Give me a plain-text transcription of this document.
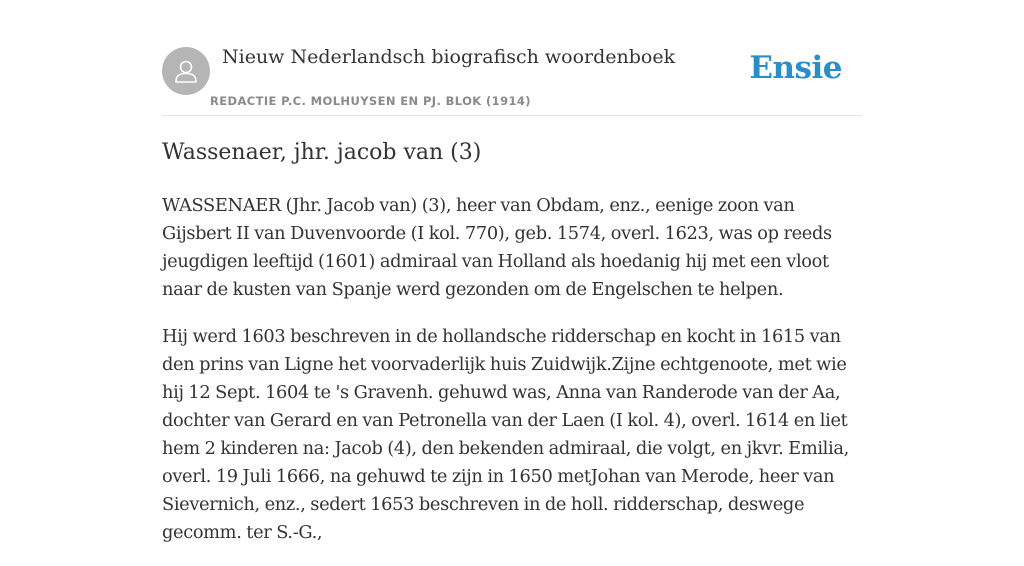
Nieuw Nederlandsch biografisch woordenboek
REDACTIE P.C. MOLHUYSEN EN PJ. BLOK (1914)
Ensie
Wassenaer, jhr. jacob van (3)

WASSENAER (Jhr. Jacob van) (3), heer van Obdam, enz., eenige zoon van Gijsbert II van Duvenvoorde (I kol. 770), geb. 1574, overl. 1623, was op reeds jeugdigen leeftijd (1601) admiraal van Holland als hoedanig hij met een vloot naar de kusten van Spanje werd gezonden om de Engelschen te helpen.

Hij werd 1603 beschreven in de hollandsche ridderschap en kocht in 1615 van den prins van Ligne het voorvaderlijk huis Zuidwijk.Zijne echtgenoote, met wie hij 12 Sept. 1604 te 's Gravenh. gehuwd was, Anna van Randerode van der Aa, dochter van Gerard en van Petronella van der Laen (I kol. 4), overl. 1614 en liet hem 2 kinderen na: Jacob (4), den bekenden admiraal, die volgt, en jkvr. Emilia, overl. 19 Juli 1666, na gehuwd te zijn in 1650 metJohan van Merode, heer van Sievernich, enz., sedert 1653 beschreven in de holl. ridderschap, deswege gecomm. ter S.-G.,
